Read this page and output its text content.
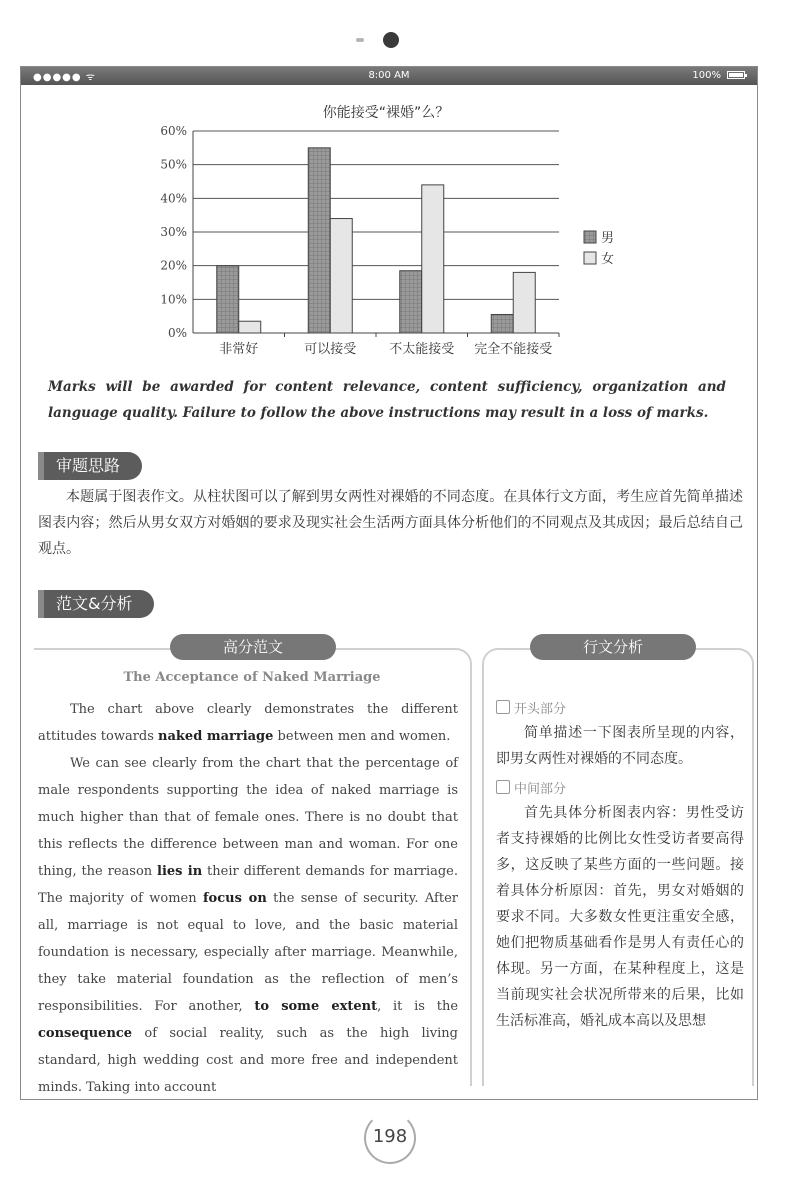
●●●●● ᯤ	8:00 AM	100%
你能接受“裸婚”么？
0%
10%
20%
30%
40%
50%
60%
非常好	可以接受	不太能接受 完全不能接受
男
女
Marks will be awarded for content relevance, content sufficiency, organization and language quality. Failure to follow the above instructions may result in a loss of marks.
审题思路
本题属于图表作文。从柱状图可以了解到男女两性对裸婚的不同态度。在具体行文方面，考生应首先简单描述图表内容；然后从男女双方对婚姻的要求及现实社会生活两方面具体分析他们的不同观点及其成因；最后总结自己观点。
范文&分析
高分范文
The Acceptance of Naked Marriage

The chart above clearly demonstrates the different attitudes towards naked marriage between men and women.

We can see clearly from the chart that the percentage of male respondents supporting the idea of naked marriage is much higher than that of female ones. There is no doubt that this reflects the difference between man and woman. For one thing, the reason lies in their different demands for marriage. The majority of women focus on the sense of security. After all, marriage is not equal to love, and the basic material foundation is necessary, especially after marriage. Meanwhile, they take material foundation as the reflection of men’s responsibilities. For another, to some extent, it is the consequence of social reality, such as the high living standard, high wedding cost and more free and independent minds. Taking into account

行文分析
开头部分
简单描述一下图表所呈现的内容，即男女两性对裸婚的不同态度。
中间部分
首先具体分析图表内容：男性受访者支持裸婚的比例比女性受访者要高得多，这反映了某些方面的一些问题。接着具体分析原因：首先，男女对婚姻的要求不同。大多数女性更注重安全感，她们把物质基础看作是男人有责任心的体现。另一方面，在某种程度上，这是当前现实社会状况所带来的后果，比如生活标准高，婚礼成本高以及思想
198
